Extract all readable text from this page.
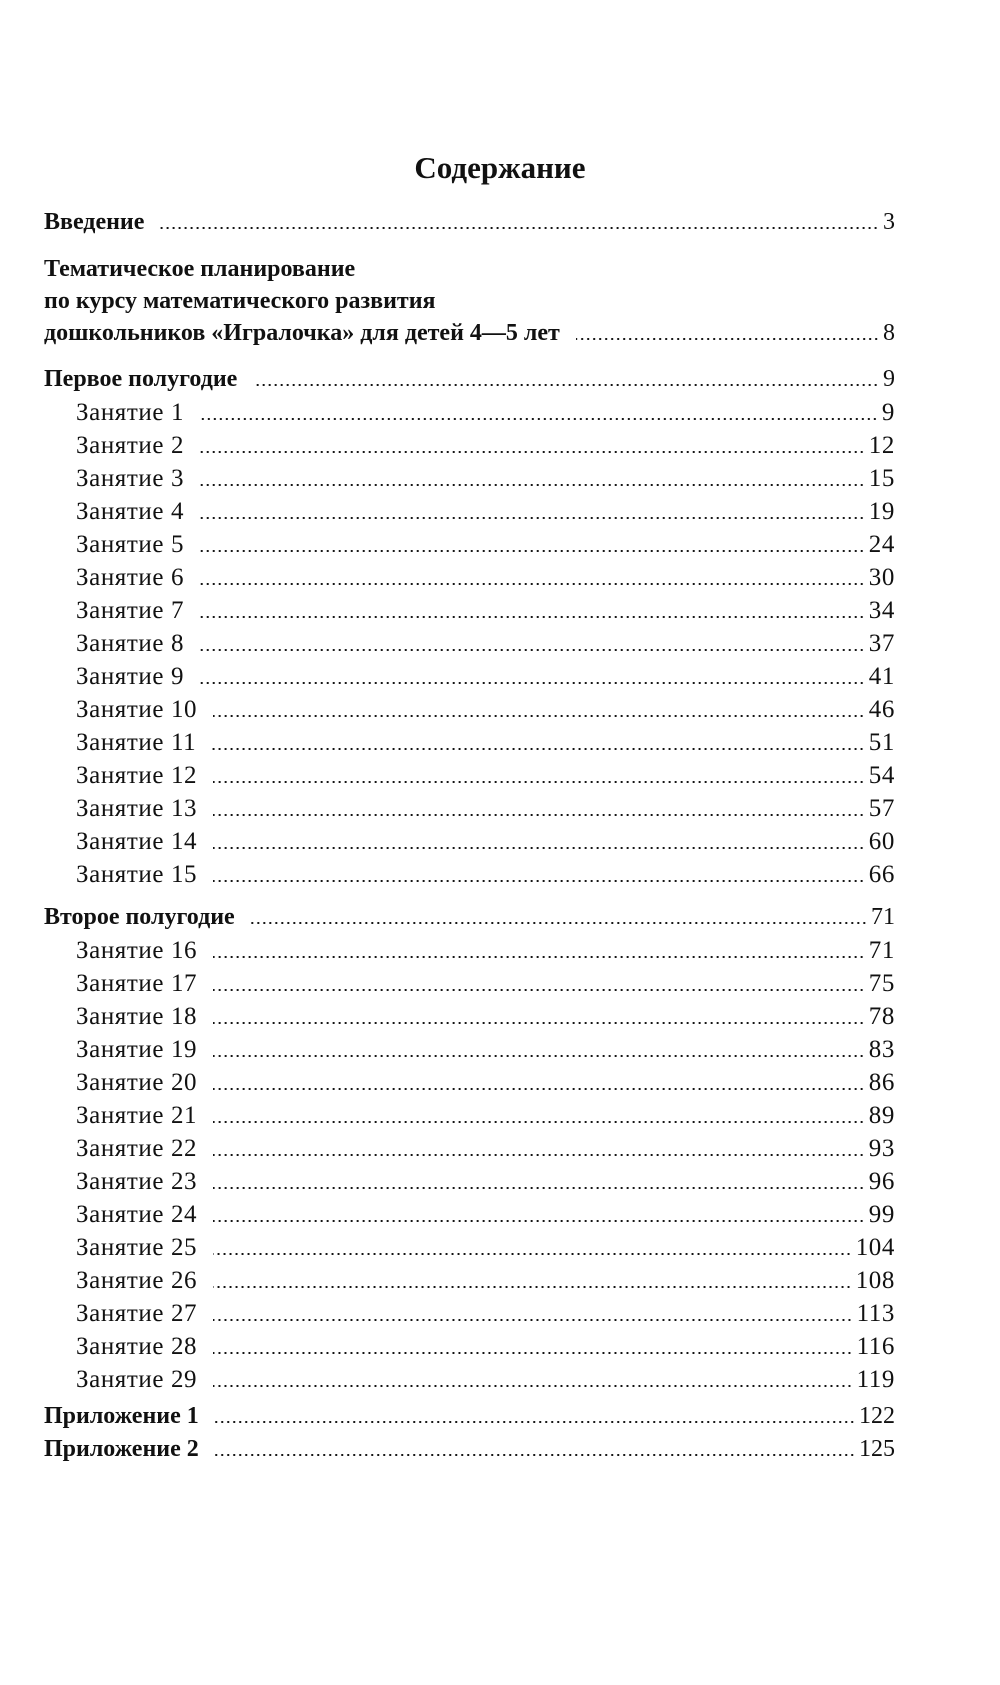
Содержание
Введение	3
Тематическое планирование
по курсу математического развития
дошкольников «Игралочка» для детей 4—5 лет	8
Первое полугодие	9
Занятие 1	9
Занятие 2	12
Занятие 3	15
Занятие 4	19
Занятие 5	24
Занятие 6	30
Занятие 7	34
Занятие 8	37
Занятие 9	41
Занятие 10	46
Занятие 11	51
Занятие 12	54
Занятие 13	57
Занятие 14	60
Занятие 15	66
Второе полугодие	71
Занятие 16	71
Занятие 17	75
Занятие 18	78
Занятие 19	83
Занятие 20	86
Занятие 21	89
Занятие 22	93
Занятие 23	96
Занятие 24	99
Занятие 25	104
Занятие 26	108
Занятие 27	113
Занятие 28	116
Занятие 29	119
Приложение 1	122
Приложение 2	125
